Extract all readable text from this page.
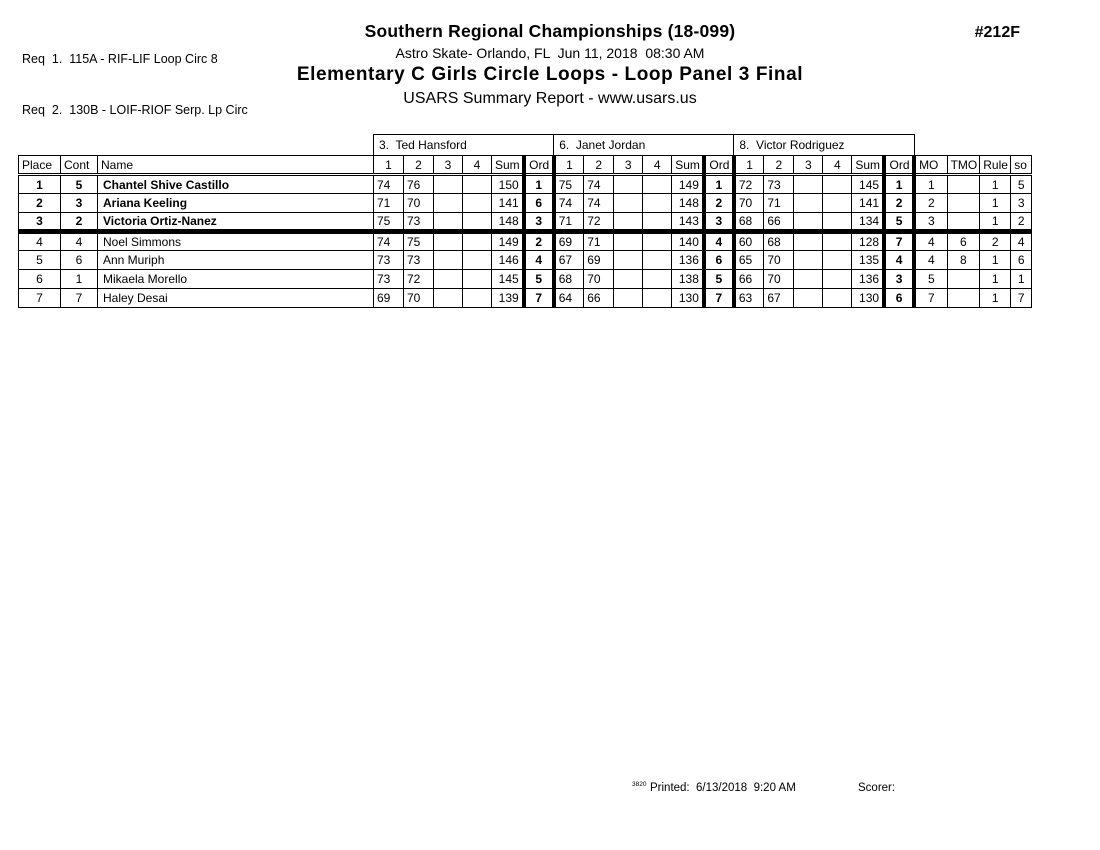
Req  1.  115A - RIF-LIF Loop Circ 8

Req  2.  130B - LOIF-RIOF Serp. Lp Circ

Southern Regional Championships (18-099)
Astro Skate- Orlando, FL  Jun 11, 2018  08:30 AM
Elementary C Girls Circle Loops - Loop Panel 3 Final
USARS Summary Report - www.usars.us
#212F
			3.  Ted Hansford						6.  Janet Jordan						8.  Victor Rodriguez									
Place	Cont	Name	1	2	3	4	Sum	Ord	1	2	3	4	Sum	Ord	1	2	3	4	Sum	Ord	MO	TMO	Rule	so
1	5	Chantel Shive Castillo	74	76			150	1	75	74			149	1	72	73			145	1	1		1	5
2	3	Ariana Keeling	71	70			141	6	74	74			148	2	70	71			141	2	2		1	3
3	2	Victoria Ortiz-Nanez	75	73			148	3	71	72			143	3	68	66			134	5	3		1	2
4	4	Noel Simmons	74	75			149	2	69	71			140	4	60	68			128	7	4	6	2	4
5	6	Ann Muriph	73	73			146	4	67	69			136	6	65	70			135	4	4	8	1	6
6	1	Mikaela Morello	73	72			145	5	68	70			138	5	66	70			136	3	5		1	1
7	7	Haley Desai	69	70			139	7	64	66			130	7	63	67			130	6	7		1	7
3820 Printed: 6/13/2018  9:20 AM	Scorer:
